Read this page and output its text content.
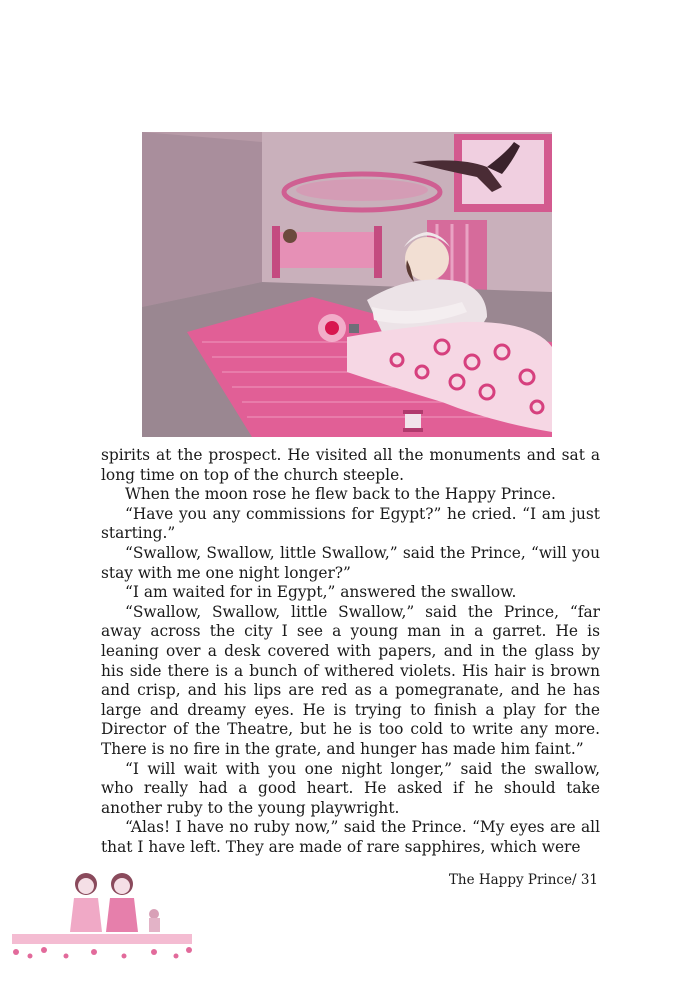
spirits at the prospect. He visited all the monuments and sat a long time on top of the church steeple.

When the moon rose he flew back to the Happy Prince.

“Have you any commissions for Egypt?” he cried. “I am just starting.”

“Swallow, Swallow, little Swallow,” said the Prince, “will you stay with me one night longer?”

“I am waited for in Egypt,” answered the swallow.

“Swallow, Swallow, little Swallow,” said the Prince, “far away across the city I see a young man in a garret. He is leaning over a desk covered with papers, and in the glass by his side there is a bunch of withered violets. His hair is brown and crisp, and his lips are red as a pomegranate, and he has large and dreamy eyes. He is trying to finish a play for the Director of the Theatre, but he is too cold to write any more. There is no fire in the grate, and hunger has made him faint.”

“I will wait with you one night longer,” said the swallow, who really had a good heart. He asked if he should take another ruby to the young playwright.

“Alas! I have no ruby now,” said the Prince. “My eyes are all that I have left. They are made of rare sapphires, which were

The Happy Prince/ 31
